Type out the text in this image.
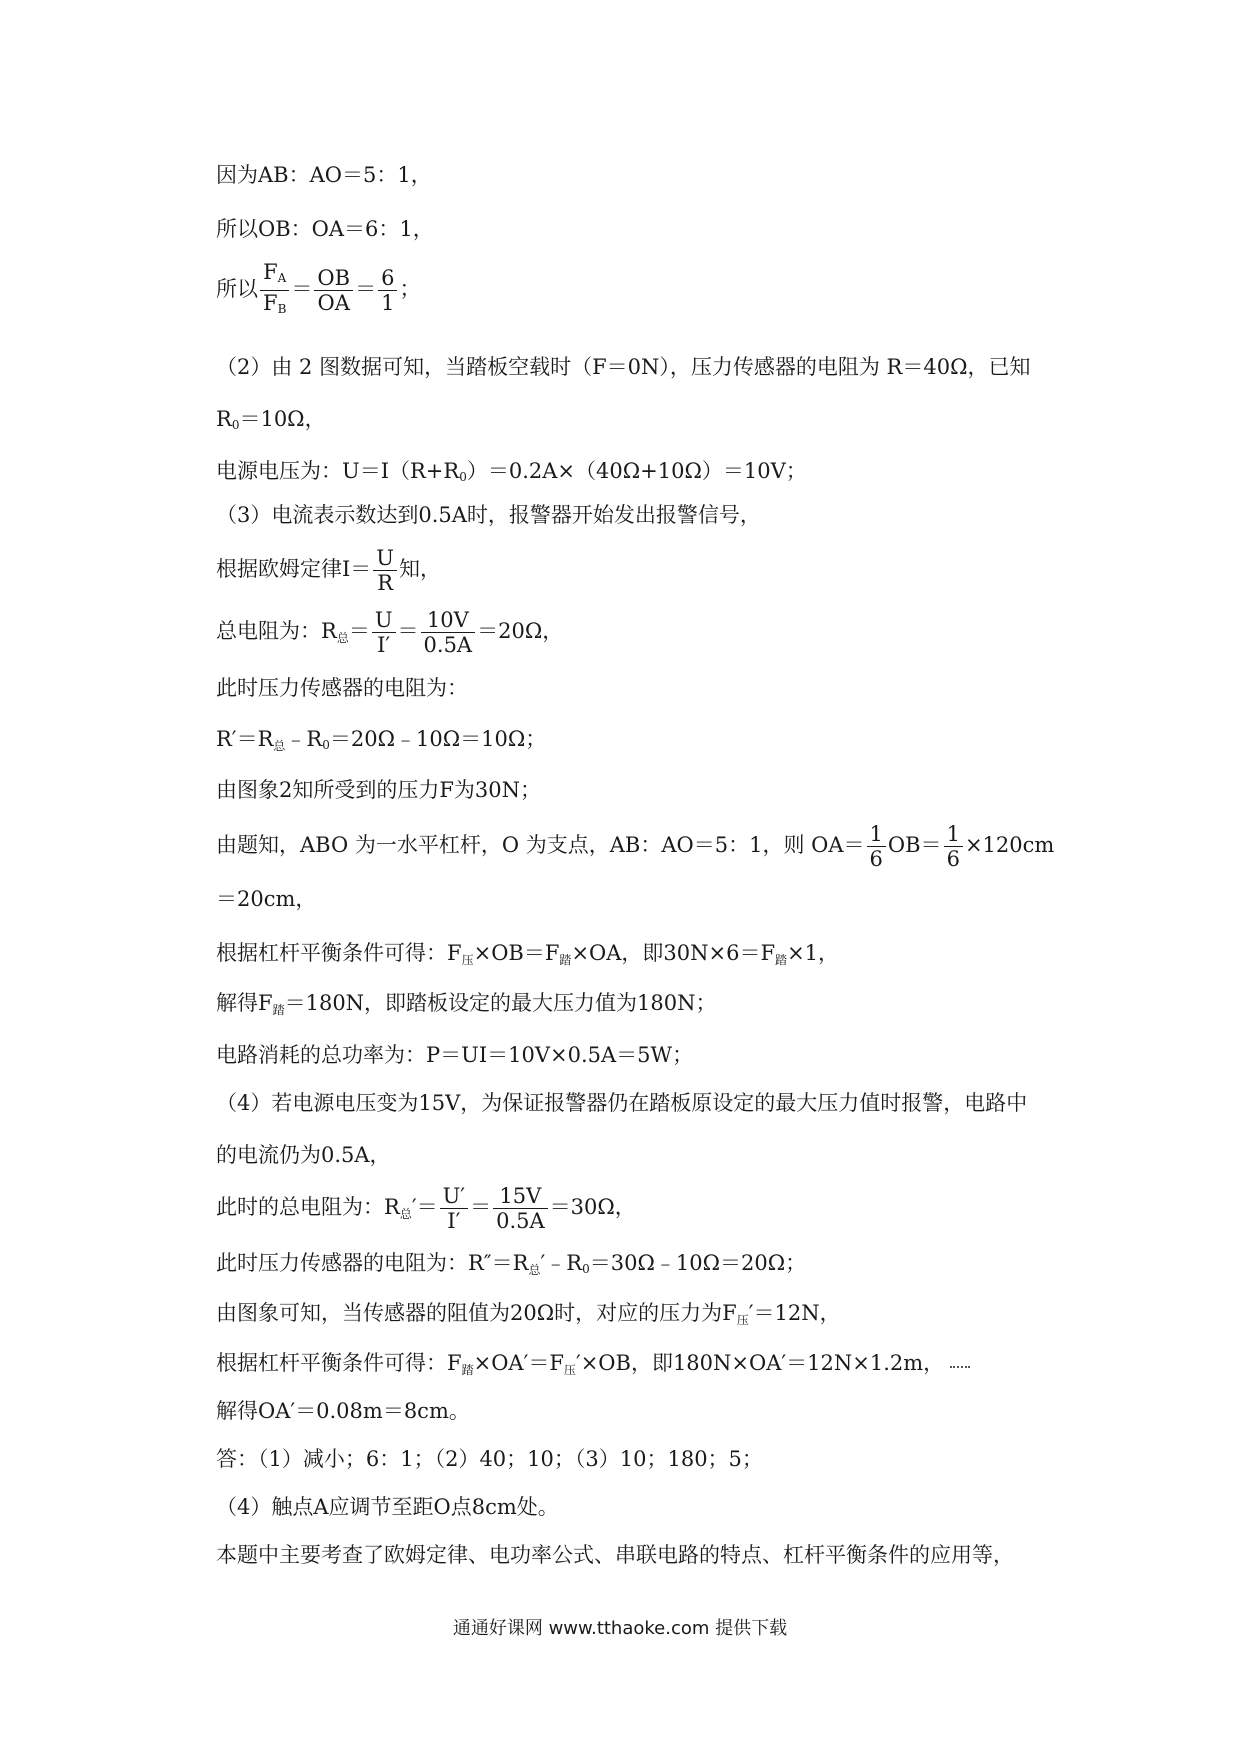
因为AB：AO＝5：1，
所以OB：OA＝6：1，
所以 $\frac{F_A}{F_B} = \frac{OB}{OA} = \frac{6}{1}$ ；
（2）由 2 图数据可知，当踏板空载时（F＝0N），压力传感器的电阻为 R＝40Ω，已知
$R_0=10\Omega$，
电源电压为：$U=I(R+R_0)=0.2A\times(40\Omega+10\Omega)=10V$；
（3）电流表示数达到0.5A时，报警器开始发出报警信号，
根据欧姆定律$I= \frac{U}{R}$ 知，
总电阻为：R总＝ $\frac{U}{I'} = \frac{10V}{0.5A} =20\Omega$，
此时压力传感器的电阻为：
R′＝R总$﹣R_0=20\Omega﹣10\Omega=10\Omega$；
由图象2知所受到的压力F为30N；
由题知，ABO 为一水平杠杆，O 为支点，AB：AO＝5：1，则 $OA= \frac{1}{6} OB= \frac{1}{6} \times 120cm$
＝20cm，
根据杠杆平衡条件可得：F压×OB＝F踏×OA，即30N×6＝F踏×1，
解得F踏＝180N，即踏板设定的最大压力值为180N；
电路消耗的总功率为：P＝UI＝10V×0.5A＝5W；
（4）若电源电压变为15V，为保证报警器仍在踏板原设定的最大压力值时报警，电路中
的电流仍为0.5A，
此时的总电阻为：R总′＝ $\frac{U'}{I'} = \frac{15V}{0.5A} =30\Omega$，
此时压力传感器的电阻为：R″＝R总$'﹣R_0=30\Omega﹣10\Omega=20\Omega$；
由图象可知，当传感器的阻值为20Ω时，对应的压力为F压′＝12N，
根据杠杆平衡条件可得：F踏×OA′＝F压′×OB，即180N×OA′＝12N×1.2m，
解得OA′＝0.08m＝8cm。
答：（1）减小；6：1；（2）40；10；（3）10；180；5；
（4）触点A应调节至距O点8cm处。
本题中主要考查了欧姆定律、电功率公式、串联电路的特点、杠杆平衡条件的应用等，
通通好课网 www.tthaoke.com 提供下载
